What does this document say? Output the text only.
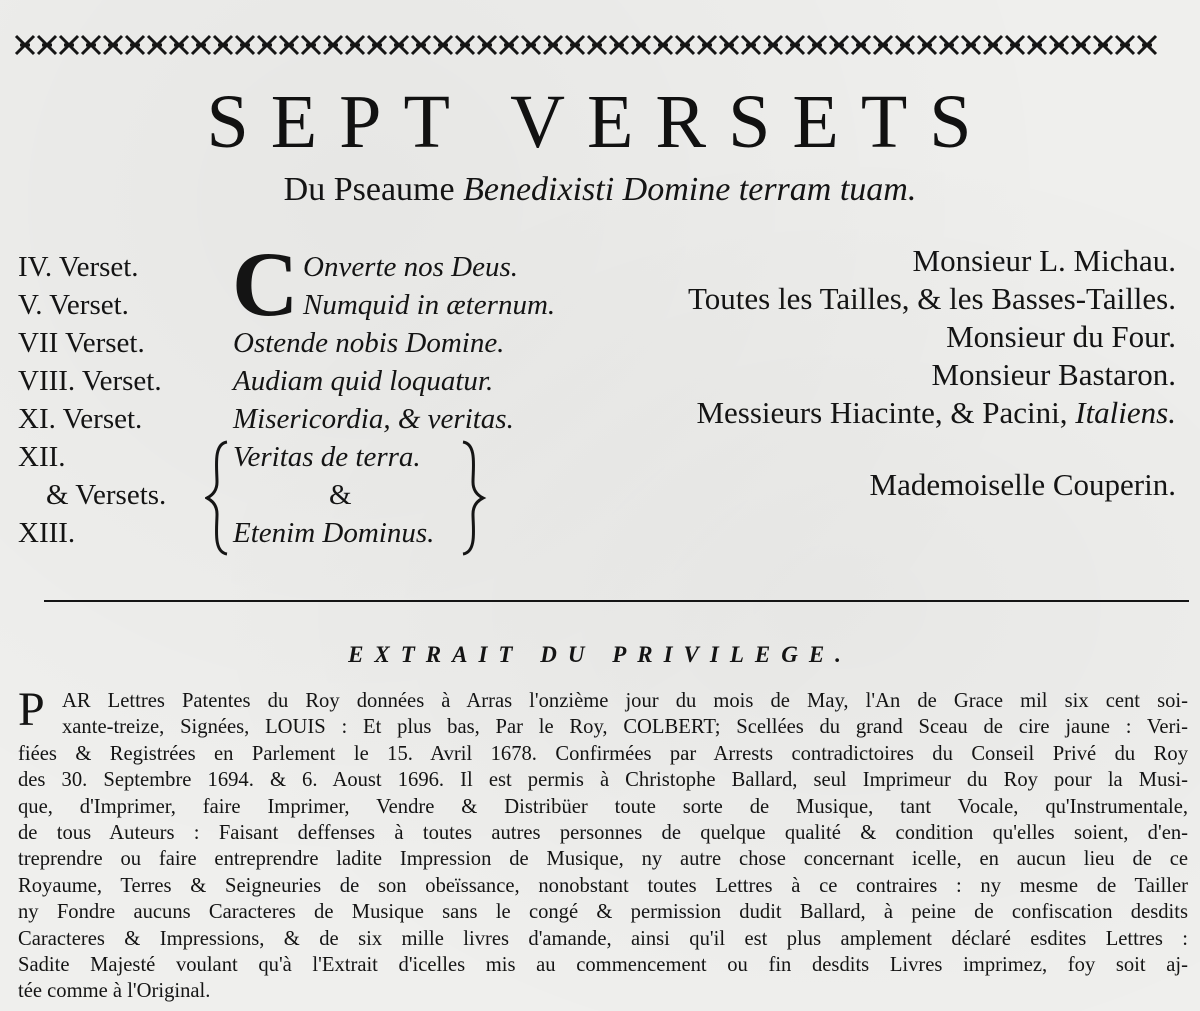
SEPT VERSETS
Du Pseaume Benedixisti Domine terram tuam.
IV. Verset.
V. Verset.
VII Verset.
VIII. Verset.
XI. Verset.
XII.
& Versets.
XIII.
C Onverte nos Deus.
Numquid in æternum.
Ostende nobis Domine.
Audiam quid loquatur.
Misericordia, & veritas.
Veritas de terra.
&
Etenim Dominus.
Monsieur L. Michau.
Toutes les Tailles, & les Basses-Tailles.
Monsieur du Four.
Monsieur Bastaron.
Messieurs Hiacinte, & Pacini, Italiens.
Mademoiselle Couperin.
EXTRAIT DU PRIVILEGE.
P AR Lettres Patentes du Roy données à Arras l'onzième jour du mois de May, l'An de Grace mil six cent soi-
xante-treize, Signées, LOUIS : Et plus bas, Par le Roy, COLBERT; Scellées du grand Sceau de cire jaune : Veri-
fiées & Registrées en Parlement le 15. Avril 1678. Confirmées par Arrests contradictoires du Conseil Privé du Roy
des 30. Septembre 1694. & 6. Aoust 1696. Il est permis à Christophe Ballard, seul Imprimeur du Roy pour la Musi-
que, d'Imprimer, faire Imprimer, Vendre & Distribüer toute sorte de Musique, tant Vocale, qu'Instrumentale,
de tous Auteurs : Faisant deffenses à toutes autres personnes de quelque qualité & condition qu'elles soient, d'en-
treprendre ou faire entreprendre ladite Impression de Musique, ny autre chose concernant icelle, en aucun lieu de ce
Royaume, Terres & Seigneuries de son obeïssance, nonobstant toutes Lettres à ce contraires : ny mesme de Tailler
ny Fondre aucuns Caracteres de Musique sans le congé & permission dudit Ballard, à peine de confiscation desdits
Caracteres & Impressions, & de six mille livres d'amande, ainsi qu'il est plus amplement déclaré esdites Lettres :
Sadite Majesté voulant qu'à l'Extrait d'icelles mis au commencement ou fin desdits Livres imprimez, foy soit aj-
tée comme à l'Original.
